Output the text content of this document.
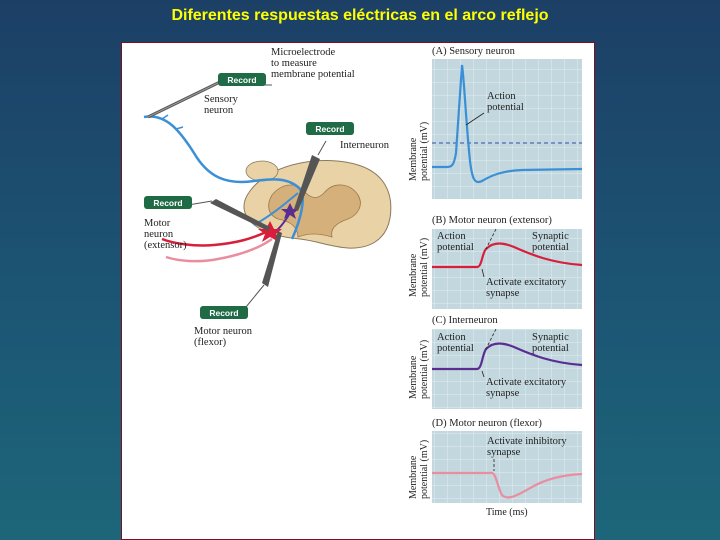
Diferentes respuestas eléctricas en el arco reflejo
Record
Record
Record
Record
Microelectrode to measure membrane potential
Sensory neuron
Interneuron
Motor neuron (extensor)
Motor neuron (flexor)
(A) Sensory neuron
Membrane potential (mV)
Action potential
(B) Motor neuron (extensor)
Membrane potential (mV)
Action potential
Synaptic potential
Activate excitatory synapse
(C) Interneuron
Membrane potential (mV)
Action potential
Synaptic potential
Activate excitatory synapse
(D) Motor neuron (flexor)
Membrane potential (mV)	Activate inhibitory synapse
Time (ms)
